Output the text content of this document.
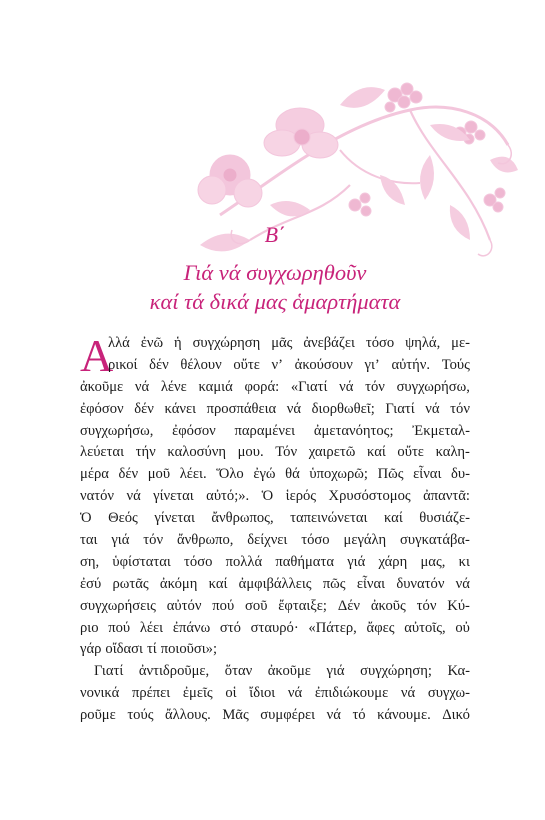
Β΄
Γιά νά συγχωρηθοῦν
καί τά δικά μας ἁμαρτήματα
Α
λλά ἐνῶ ἡ συγχώρηση μᾶς ἀνεβάζει τόσο ψηλά, με-
ρικοί δέν θέλουν οὔτε ν’ ἀκούσουν γι’ αὐτήν. Τούς
ἀκοῦμε νά λένε καμιά φορά: «Γιατί νά τόν συγχωρήσω,
ἐφόσον δέν κάνει προσπάθεια νά διορθωθεῖ; Γιατί νά τόν
συγχωρήσω, ἐφόσον παραμένει ἀμετανόητος; Ἐκμεταλ-
λεύεται τήν καλοσύνη μου. Τόν χαιρετῶ καί οὔτε καλη-
μέρα δέν μοῦ λέει. Ὅλο ἐγώ θά ὑποχωρῶ; Πῶς εἶναι δυ-
νατόν νά γίνεται αὐτό;». Ὁ ἱερός Χρυσόστομος ἀπαντᾶ:
Ὁ Θεός γίνεται ἄνθρωπος, ταπεινώνεται καί θυσιάζε-
ται γιά τόν ἄνθρωπο, δείχνει τόσο μεγάλη συγκατάβα-
ση, ὑφίσταται τόσο πολλά παθήματα γιά χάρη μας, κι
ἐσύ ρωτᾶς ἀκόμη καί ἀμφιβάλλεις πῶς εἶναι δυνατόν νά
συγχωρήσεις αὐτόν πού σοῦ ἔφταιξε; Δέν ἀκοῦς τόν Κύ-
ριο πού λέει ἐπάνω στό σταυρό· «Πάτερ, ἄφες αὐτοῖς, οὐ
γάρ οἴδασι τί ποιοῦσι»;
Γιατί ἀντιδροῦμε, ὅταν ἀκοῦμε γιά συγχώρηση; Κα-
νονικά πρέπει ἐμεῖς οἱ ἴδιοι νά ἐπιδιώκουμε νά συγχω-
ροῦμε τούς ἄλλους. Μᾶς συμφέρει νά τό κάνουμε. Δικό
